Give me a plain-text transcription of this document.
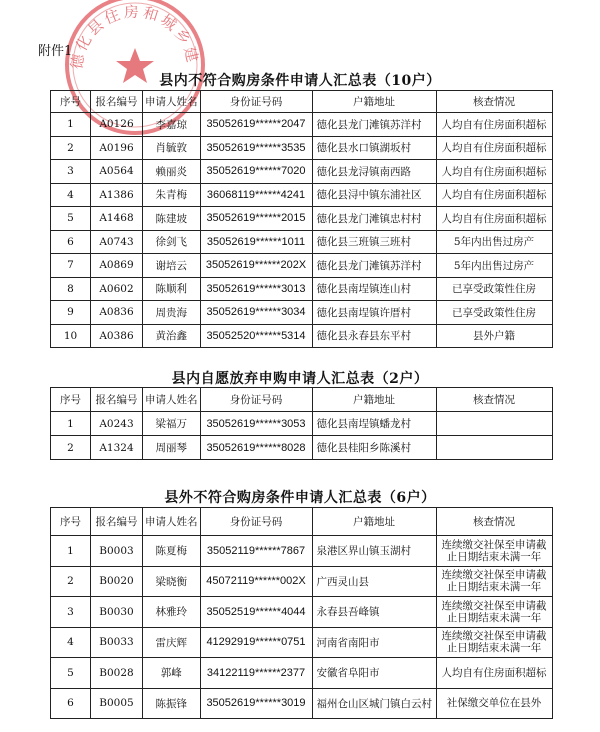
德化县住房和城乡建
附件1
县内不符合购房条件申请人汇总表（10户）
序号	报名编号	申请人姓名	身份证号码	户籍地址	核查情况
1	A0126	李嘉琼	35052619******2047	德化县龙门滩镇苏洋村	人均自有住房面积超标
2	A0196	肖毓敦	35052619******3535	德化县水口镇湖坂村	人均自有住房面积超标
3	A0564	赖丽炎	35052619******7020	德化县龙浔镇南西路	人均自有住房面积超标
4	A1386	朱青梅	36068119******4241	德化县浔中镇东浦社区	人均自有住房面积超标
5	A1468	陈建坡	35052619******2015	德化县龙门滩镇忠村村	人均自有住房面积超标
6	A0743	徐剑飞	35052619******1011	德化县三班镇三班村	5年内出售过房产
7	A0869	谢培云	35052619******202X	德化县龙门滩镇苏洋村	5年内出售过房产
8	A0602	陈顺利	35052619******3013	德化县南埕镇连山村	已享受政策性住房
9	A0836	周贵海	35052619******3034	德化县南埕镇许厝村	已享受政策性住房
10	A0386	黄治鑫	35052520******5314	德化县永春县东平村	县外户籍
县内自愿放弃申购申请人汇总表（2户）
序号	报名编号	申请人姓名	身份证号码	户籍地址	核查情况
1	A0243	梁福万	35052619******3053	德化县南埕镇蟠龙村	
2	A1324	周丽琴	35052619******8028	德化县桂阳乡陈溪村	
县外不符合购房条件申请人汇总表（6户）
序号	报名编号	申请人姓名	身份证号码	户籍地址	核查情况
1	B0003	陈夏梅	35052119******7867	泉港区界山镇玉湖村	连续缴交社保至申请截止日期结束未满一年
2	B0020	梁晓衡	45072119******002X	广西灵山县	连续缴交社保至申请截止日期结束未满一年
3	B0030	林雅玲	35052519******4044	永春县吾峰镇	连续缴交社保至申请截止日期结束未满一年
4	B0033	雷庆辉	41292919******0751	河南省南阳市	连续缴交社保至申请截止日期结束未满一年
5	B0028	郭峰	34122119******2377	安徽省阜阳市	人均自有住房面积超标
6	B0005	陈振锋	35052619******3019	福州仓山区城门镇白云村	社保缴交单位在县外
